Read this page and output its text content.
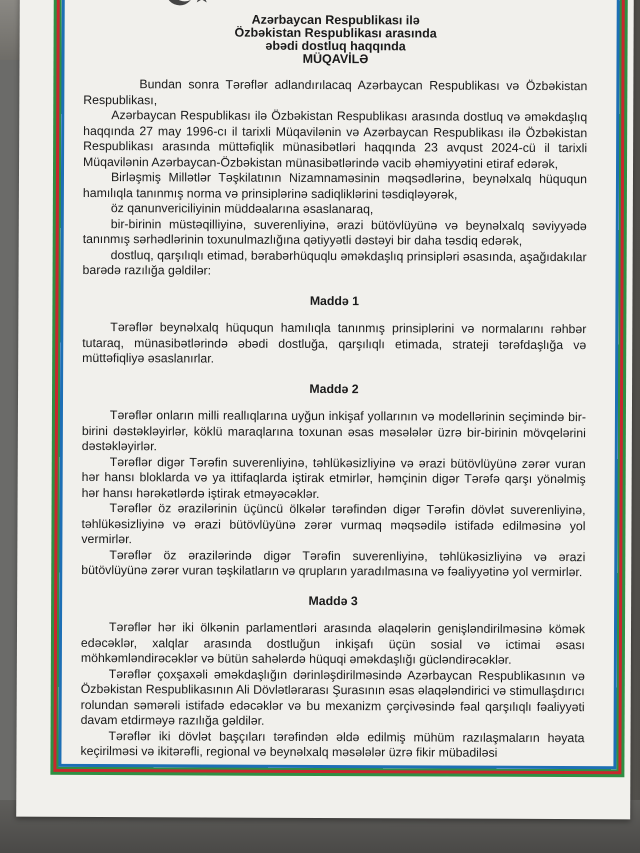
Azərbaycan Respublikası ilə
Özbəkistan Respublikası arasında
əbədi dostluq haqqında
MÜQAVİLƏ

Bundan sonra Tərəflər adlandırılacaq Azərbaycan Respublikası və Özbəkistan Respublikası,

Azərbaycan Respublikası ilə Özbəkistan Respublikası arasında dostluq və əməkdaşlıq haqqında 27 may 1996-cı il tarixli Müqavilənin və Azərbaycan Respublikası ilə Özbəkistan Respublikası arasında müttəfiqlik münasibətləri haqqında 23 avqust 2024-cü il tarixli Müqavilənin Azərbaycan-Özbəkistan münasibətlərində vacib əhəmiyyətini etiraf edərək,

Birləşmiş Millətlər Təşkilatının Nizamnaməsinin məqsədlərinə, beynəlxalq hüququn hamılıqla tanınmış norma və prinsiplərinə sadiqliklərini təsdiqləyərək,

öz qanunvericiliyinin müddəalarına əsaslanaraq,

bir-birinin müstəqilliyinə, suverenliyinə, ərazi bütövlüyünə və beynəlxalq səviyyədə tanınmış sərhədlərinin toxunulmazlığına qətiyyətli dəstəyi bir daha təsdiq edərək,

dostluq, qarşılıqlı etimad, bərabərhüquqlu əməkdaşlıq prinsipləri əsasında, aşağıdakılar barədə razılığa gəldilər:

Maddə 1

Tərəflər beynəlxalq hüququn hamılıqla tanınmış prinsiplərini və normalarını rəhbər tutaraq, münasibətlərində əbədi dostluğa, qarşılıqlı etimada, strateji tərəfdaşlığa və müttəfiqliyə əsaslanırlar.

Maddə 2

Tərəflər onların milli reallıqlarına uyğun inkişaf yollarının və modellərinin seçimində bir-birini dəstəkləyirlər, köklü maraqlarına toxunan əsas məsələlər üzrə bir-birinin mövqelərini dəstəkləyirlər.

Tərəflər digər Tərəfin suverenliyinə, təhlükəsizliyinə və ərazi bütövlüyünə zərər vuran hər hansı bloklarda və ya ittifaqlarda iştirak etmirlər, həmçinin digər Tərəfə qarşı yönəlmiş hər hansı hərəkətlərdə iştirak etməyəcəklər.

Tərəflər öz ərazilərinin üçüncü ölkələr tərəfindən digər Tərəfin dövlət suverenliyinə, təhlükəsizliyinə və ərazi bütövlüyünə zərər vurmaq məqsədilə istifadə edilməsinə yol vermirlər.

Tərəflər öz ərazilərində digər Tərəfin suverenliyinə, təhlükəsizliyinə və ərazi bütövlüyünə zərər vuran təşkilatların və qrupların yaradılmasına və fəaliyyətinə yol vermirlər.

Maddə 3

Tərəflər hər iki ölkənin parlamentləri arasında əlaqələrin genişləndirilməsinə kömək edəcəklər, xalqlar arasında dostluğun inkişafı üçün sosial və ictimai əsası möhkəmləndirəcəklər və bütün sahələrdə hüquqi əməkdaşlığı gücləndirəcəklər.

Tərəflər çoxşaxəli əməkdaşlığın dərinləşdirilməsində Azərbaycan Respublikasının və Özbəkistan Respublikasının Ali Dövlətlərarası Şurasının əsas əlaqələndirici və stimullaşdırıcı rolundan səmərəli istifadə edəcəklər və bu mexanizm çərçivəsində fəal qarşılıqlı fəaliyyəti davam etdirməyə razılığa gəldilər.

Tərəflər iki dövlət başçıları tərəfindən əldə edilmiş mühüm razılaşmaların həyata keçirilməsi və ikitərəfli, regional və beynəlxalq məsələlər üzrə fikir mübadiləsi
